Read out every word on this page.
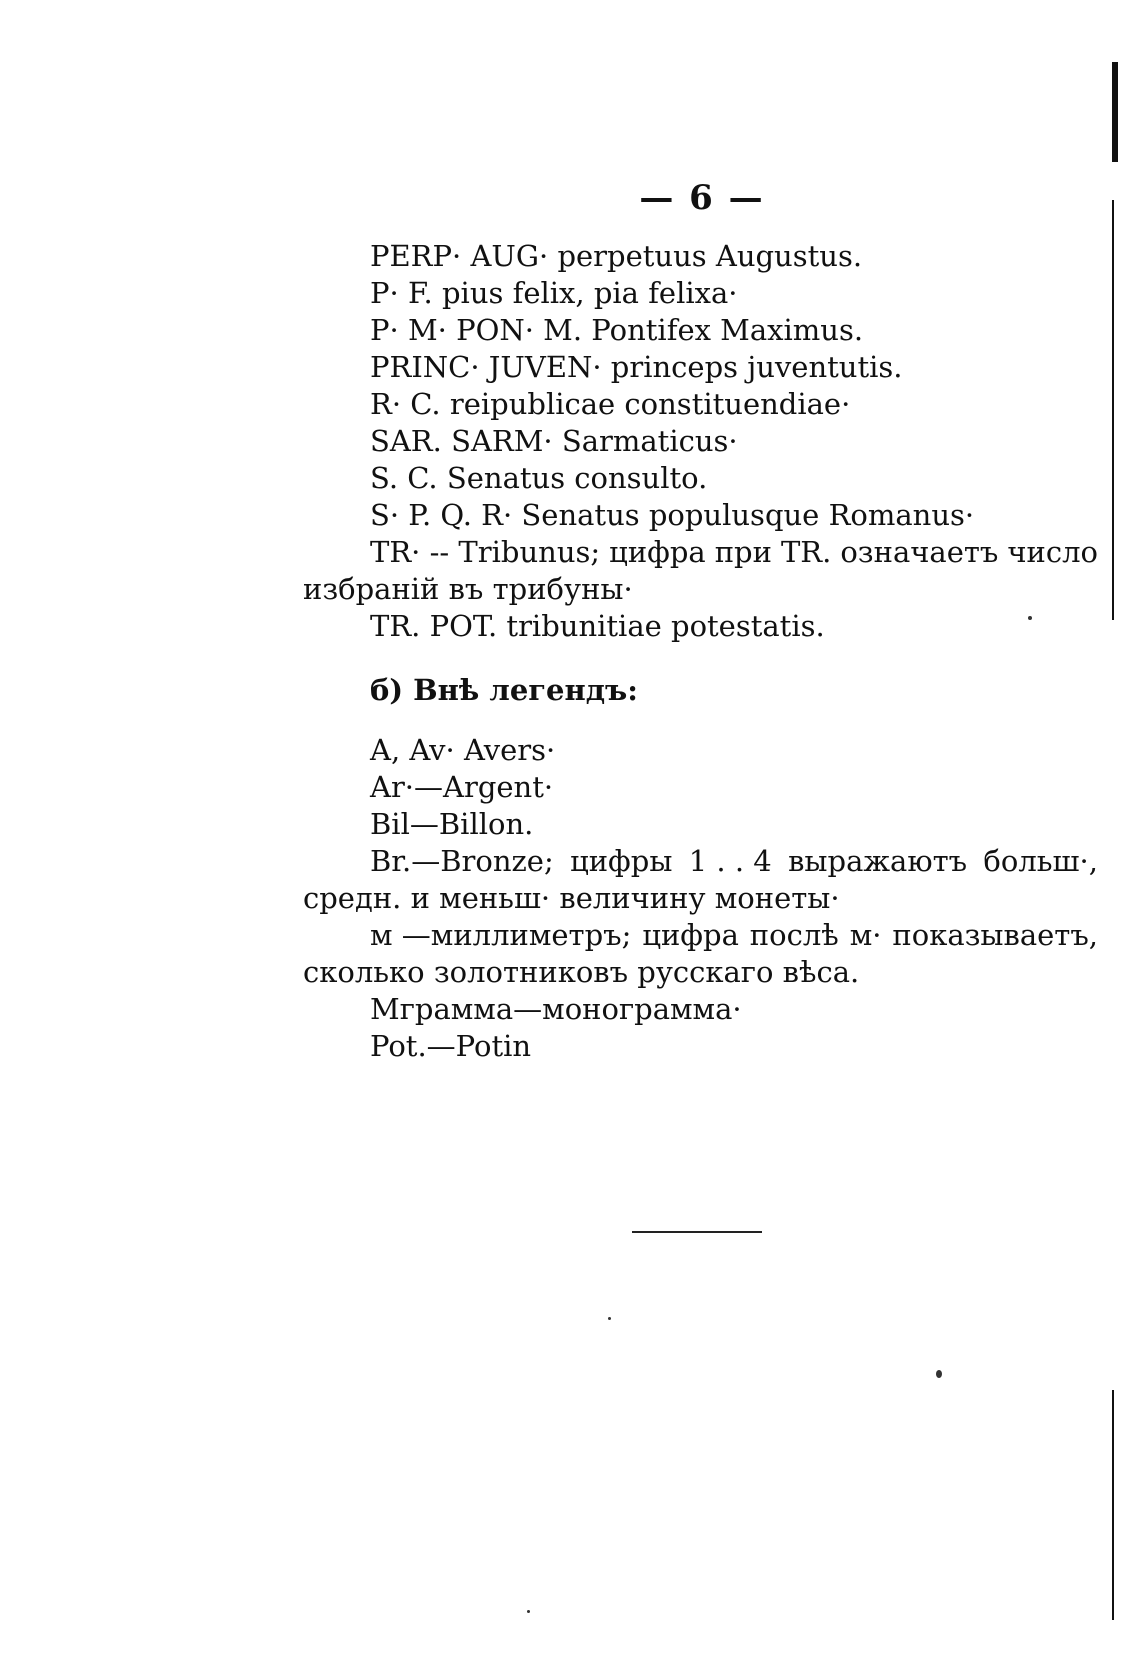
— 6 —
PERP· AUG· perpetuus Augustus.
P· F. pius felix, pia felixa·
P· M· PON· M. Pontifex Maximus.
PRINC· JUVEN· princeps juventutis.
R· C. reipublicae constituendiae·
SAR. SARM· Sarmaticus·
S. C. Senatus consulto.
S· P. Q. R· Senatus populusque Romanus·
TR· -- Tribunus; цифра при TR. означаетъ число
избраній въ трибуны·
TR. POT. tribunitiae potestatis.
б) Внѣ легендъ:
A, Av· Avers·
Ar·—Argent·
Bil—Billon.
Br.—Bronze; цифры 1 . . 4 выражаютъ больш·,
средн. и меньш· величину монеты·
м —миллиметръ; цифра послѣ м· показываетъ,
сколько золотниковъ русскаго вѣса.
Мграмма—монограмма·
Pot.—Potin
